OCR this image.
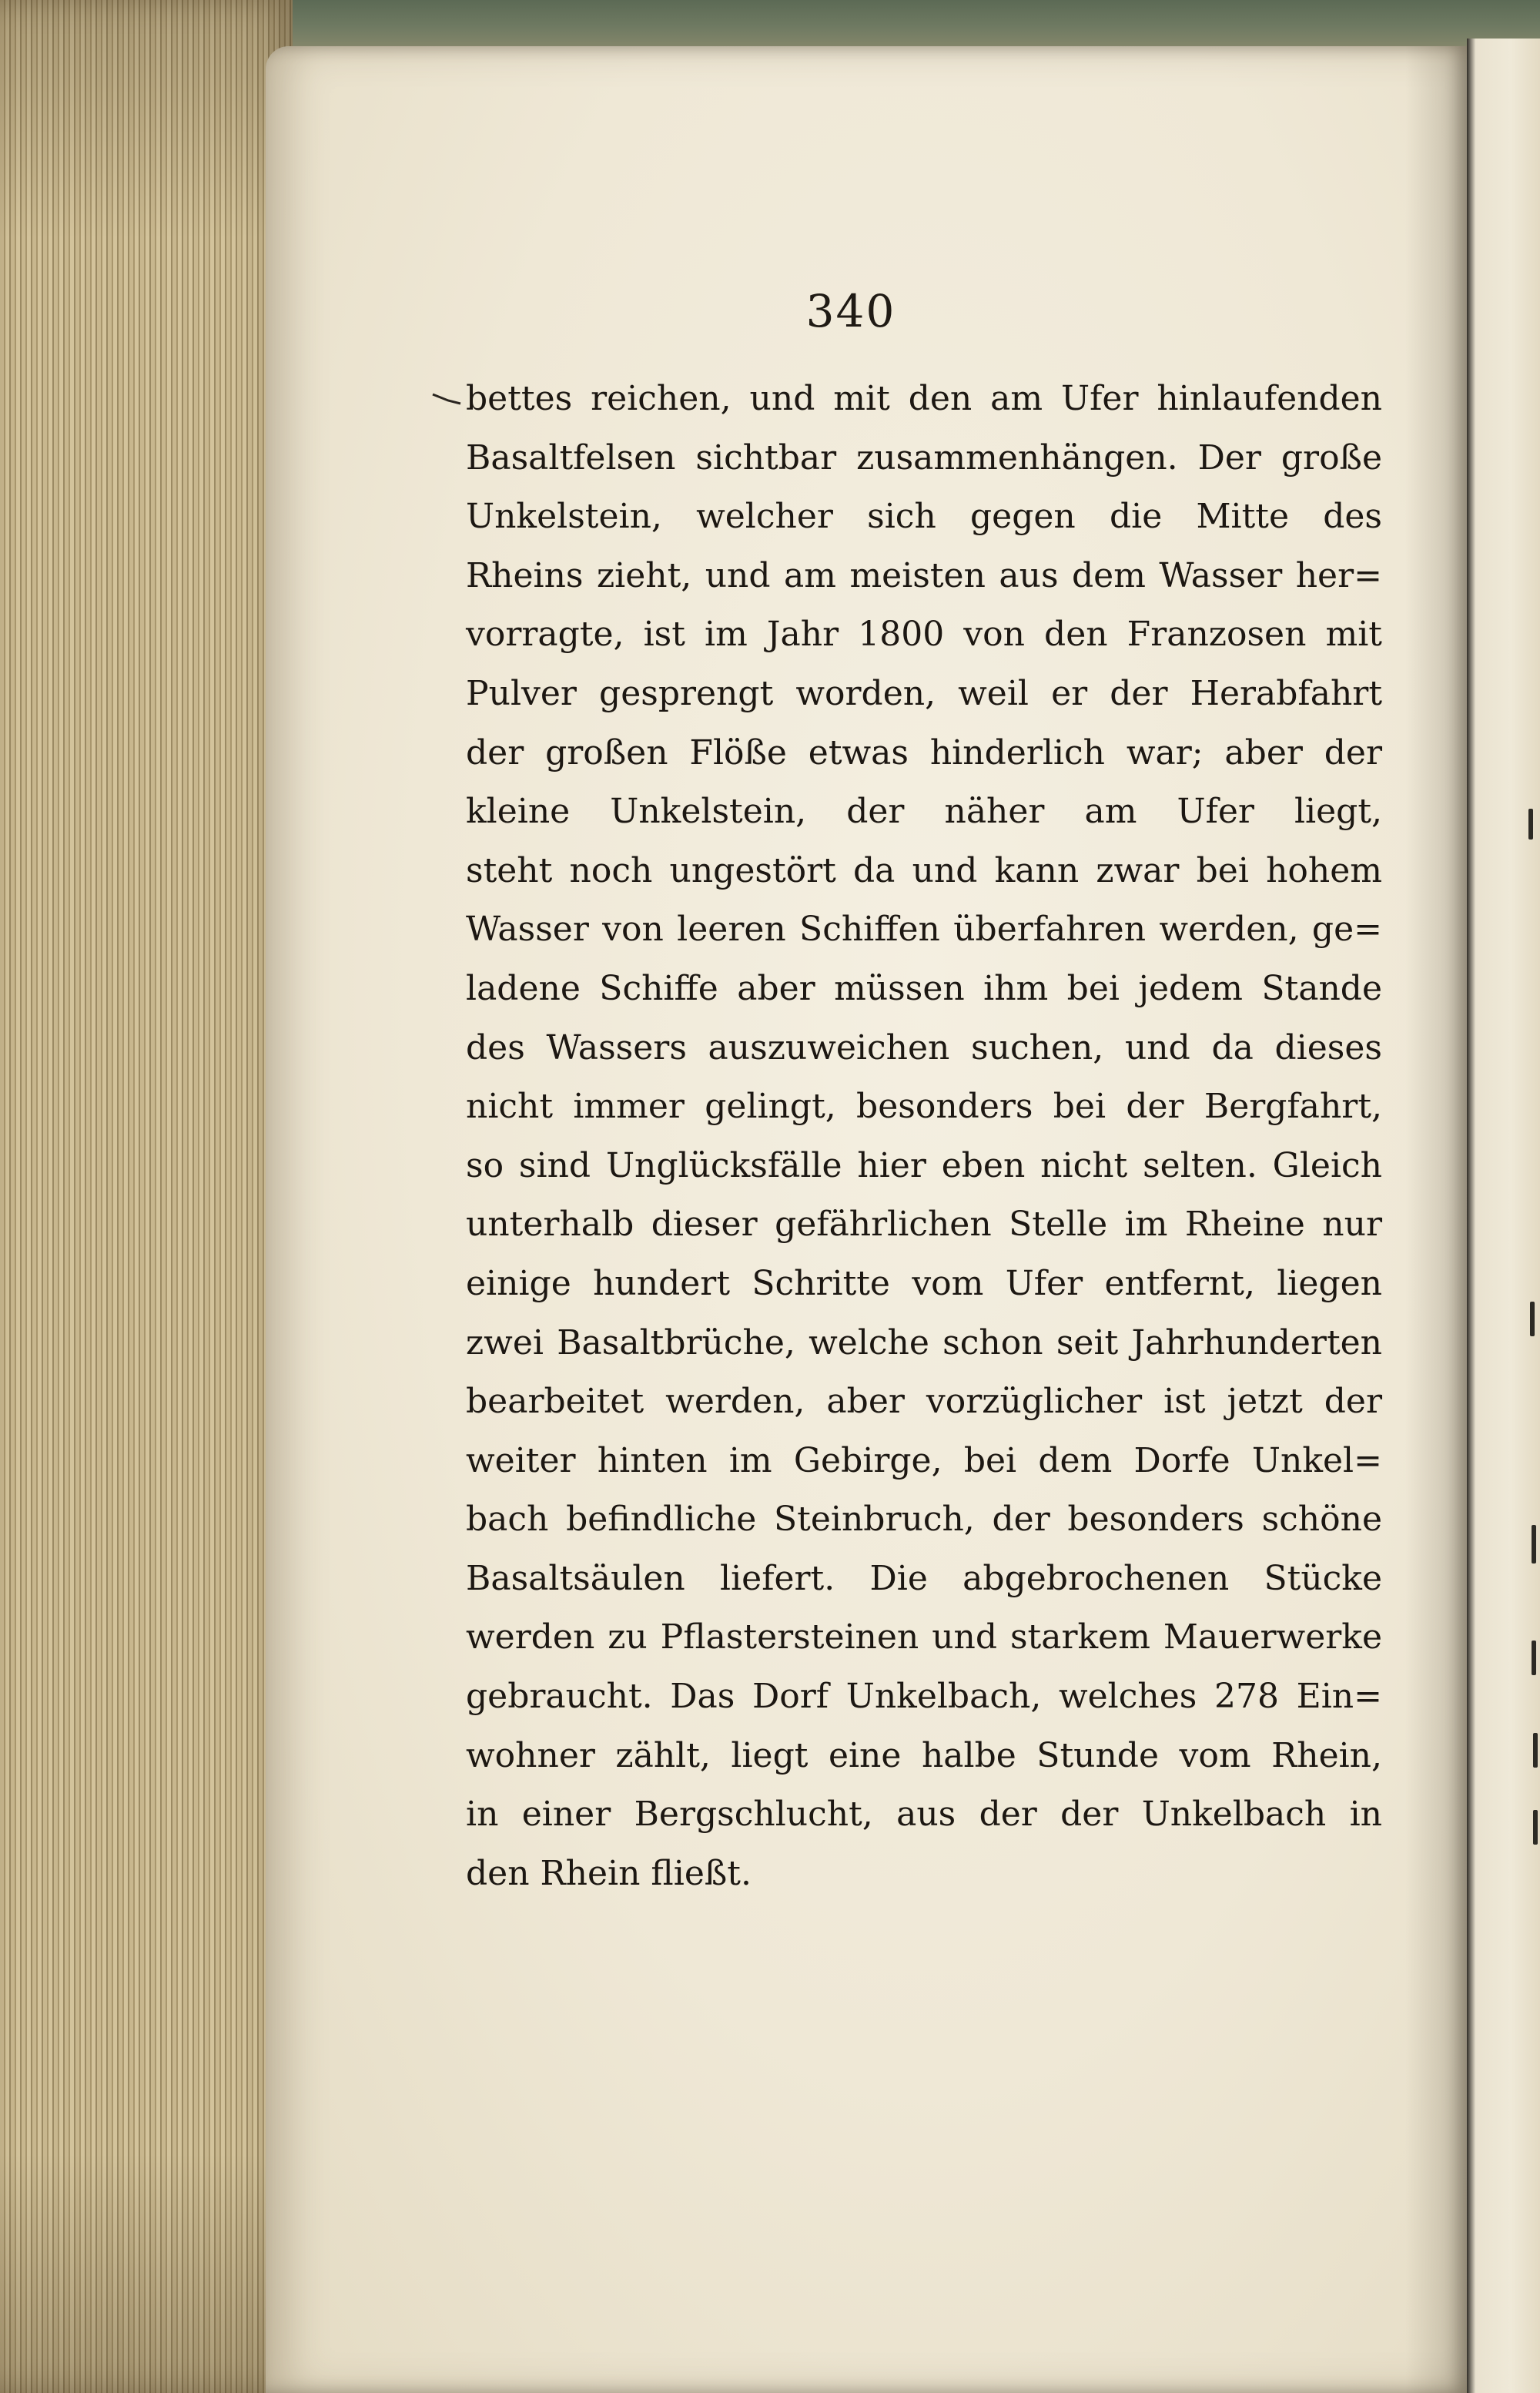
340

bettes reichen, und mit den am Ufer hinlaufenden
Basaltfelsen sichtbar zusammenhängen. Der große
Unkelstein, welcher sich gegen die Mitte des
Rheins zieht, und am meisten aus dem Wasser her=
vorragte, ist im Jahr 1800 von den Franzosen mit
Pulver gesprengt worden, weil er der Herabfahrt
der großen Flöße etwas hinderlich war; aber der
kleine Unkelstein, der näher am Ufer liegt,
steht noch ungestört da und kann zwar bei hohem
Wasser von leeren Schiffen überfahren werden, ge=
ladene Schiffe aber müssen ihm bei jedem Stande
des Wassers auszuweichen suchen, und da dieses
nicht immer gelingt, besonders bei der Bergfahrt,
so sind Unglücksfälle hier eben nicht selten. Gleich
unterhalb dieser gefährlichen Stelle im Rheine nur
einige hundert Schritte vom Ufer entfernt, liegen
zwei Basaltbrüche, welche schon seit Jahrhunderten
bearbeitet werden, aber vorzüglicher ist jetzt der
weiter hinten im Gebirge, bei dem Dorfe Unkel=
bach befindliche Steinbruch, der besonders schöne
Basaltsäulen liefert. Die abgebrochenen Stücke
werden zu Pflastersteinen und starkem Mauerwerke
gebraucht. Das Dorf Unkelbach, welches 278 Ein=
wohner zählt, liegt eine halbe Stunde vom Rhein,
in einer Bergschlucht, aus der der Unkelbach in
den Rhein fließt.
